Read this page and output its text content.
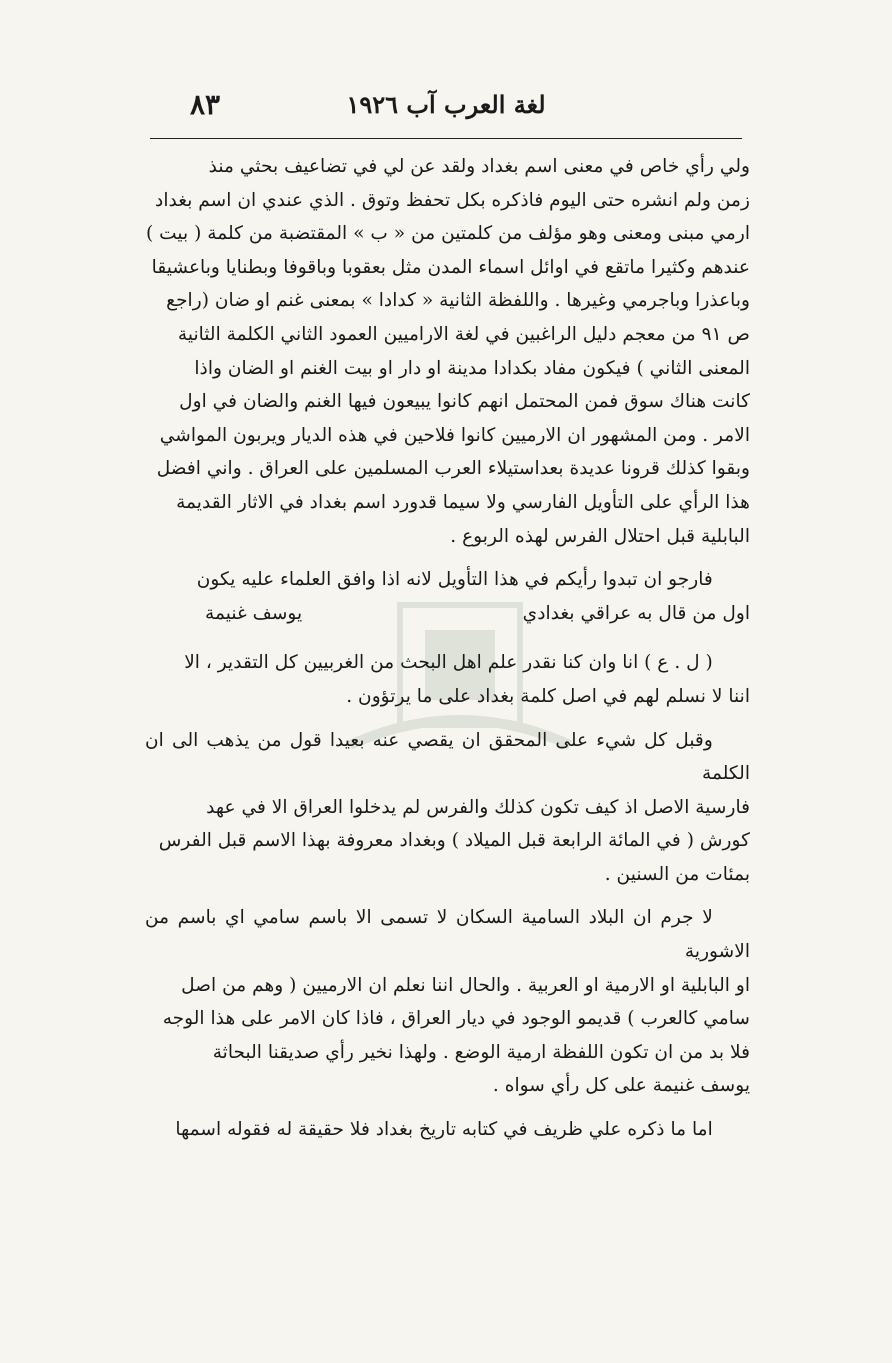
٨٣	لغة العرب آب ١٩٢٦

ولي رأي خاص في معنى اسم بغداد ولقد عن لي في تضاعيف بحثي منذ

زمن ولم انشره حتى اليوم فاذكره بكل تحفظ وتوق . الذي عندي ان اسم بغداد

ارمي مبنى ومعنى وهو مؤلف من كلمتين من « ب » المقتضبة من كلمة ( بيت )

عندهم وكثيرا ماتقع في اوائل اسماء المدن مثل بعقوبا وباقوفا وبطنايا وباعشيقا

وباعذرا وباجرمي وغيرها . واللفظة الثانية « كدادا » بمعنى غنم او ضان (راجع

ص ٩١ من معجم دليل الراغبين في لغة الاراميين العمود الثاني الكلمة الثانية

المعنى الثاني ) فيكون مفاد بكدادا مدينة او دار او بيت الغنم او الضان واذا

كانت هناك سوق فمن المحتمل انهم كانوا يبيعون فيها الغنم والضان في اول

الامر . ومن المشهور ان الارميين كانوا فلاحين في هذه الديار ويربون المواشي

وبقوا كذلك قرونا عديدة بعداستيلاء العرب المسلمين على العراق . واني افضل

هذا الرأي على التأويل الفارسي ولا سيما قدورد اسم بغداد في الاثار القديمة

البابلية قبل احتلال الفرس لهذه الربوع .

فارجو ان تبدوا رأيكم في هذا التأويل لانه اذا وافق العلماء عليه يكون

اول من قال به عراقي بغدادي
يوسف غنيمة

( ل . ع ) انا وان كنا نقدر علم اهل البحث من الغربيين كل التقدير ، الا

اننا لا نسلم لهم في اصل كلمة بغداد على ما يرتؤون .

وقبل كل شيء على المحقق ان يقصي عنه بعيدا قول من يذهب الى ان الكلمة

فارسية الاصل اذ كيف تكون كذلك والفرس لم يدخلوا العراق الا في عهد

كورش ( في المائة الرابعة قبل الميلاد ) وبغداد معروفة بهذا الاسم قبل الفرس

بمئات من السنين .

لا جرم ان البلاد السامية السكان لا تسمى الا باسم سامي اي باسم من الاشورية

او البابلية او الارمية او العربية . والحال اننا نعلم ان الارميين ( وهم من اصل

سامي كالعرب ) قديمو الوجود في ديار العراق ، فاذا كان الامر على هذا الوجه

فلا بد من ان تكون اللفظة ارمية الوضع . ولهذا نخير رأي صديقنا البحاثة

يوسف غنيمة على كل رأي سواه .

اما ما ذكره علي ظريف في كتابه تاريخ بغداد فلا حقيقة له فقوله اسمها
